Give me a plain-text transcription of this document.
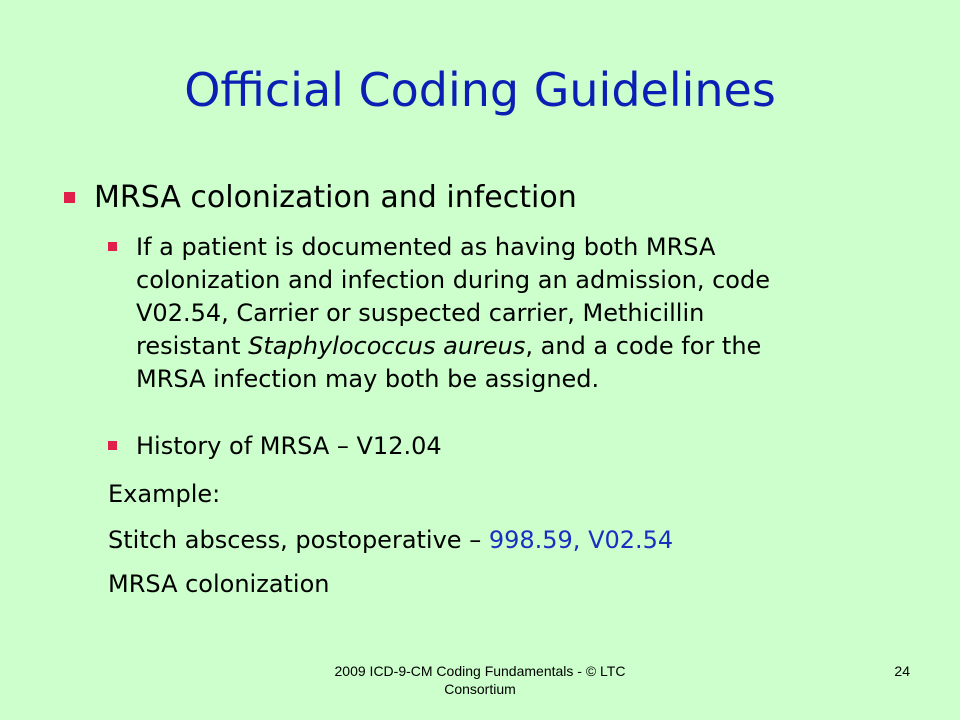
Official Coding Guidelines
MRSA colonization and infection
If a patient is documented as having both MRSA
colonization and infection during an admission, code
V02.54, Carrier or suspected carrier, Methicillin
resistant Staphylococcus aureus, and a code for the
MRSA infection may both be assigned.
History of MRSA – V12.04
Example:
Stitch abscess, postoperative – 998.59, V02.54
MRSA colonization
2009 ICD-9-CM Coding Fundamentals - © LTC
Consortium
24
